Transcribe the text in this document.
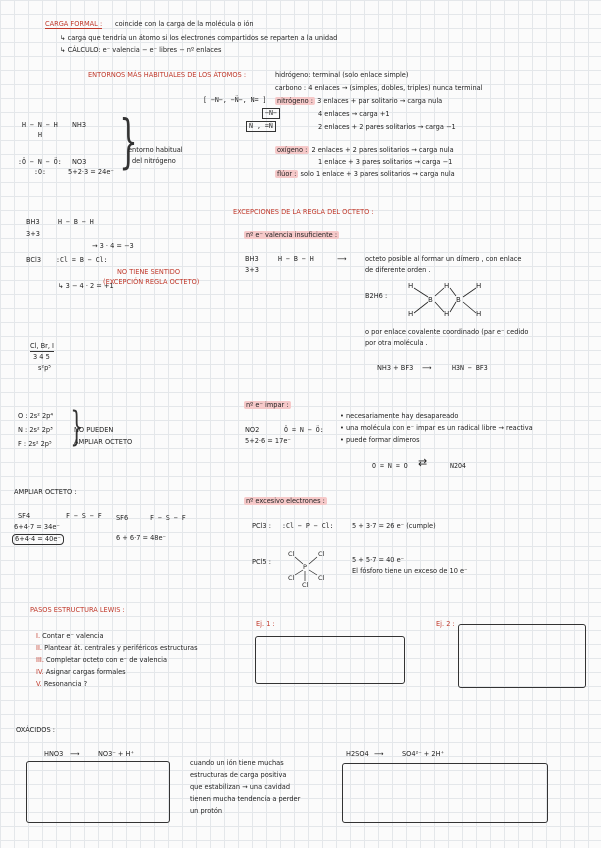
CARGA FORMAL : coincide con la carga de la molécula o ión
↳ carga que tendría un átomo si los electrones compartidos se reparten a la unidad
↳ CÁLCULO: e⁻ valencia − e⁻ libres − nº enlaces
ENTORNOS MÁS HABITUALES DE LOS ÁTOMOS :	hidrógeno: terminal (solo enlace simple)
carbono : 4 enlaces → (simples, dobles, triples) nunca terminal
[ −N−, −N̈−, N= ]	nitrógeno : 3 enlaces + par solitario → carga nula
−N−	4 enlaces → carga +1
N̈ , =N̈	2 enlaces + 2 pares solitarios → carga −1
H − N − H
H
NH3
:Ö − N − Ö:
:O:
NO3
5+2·3 = 24e⁻ }
entorno habitual
del nitrógeno
oxígeno : 2 enlaces + 2 pares solitarios → carga nula
1 enlace + 3 pares solitarios → carga −1
flúor : solo 1 enlace + 3 pares solitarios → carga nula
BH3	H − B − H
3+3
BCl3 :Cl = B − Cl:
→ 3 · 4 = −3
↳ 3 − 4 · 2 = +1
NO TIENE SENTIDO
(EXCEPCIÓN REGLA OCTETO)
Cl, Br, I
3 4 5
s²p⁵
O : 2s² 2p⁴
N : 2s² 2p³
F : 2s² 2p⁵ }
NO PUEDEN
AMPLIAR OCTETO
AMPLIAR OCTETO :
SF4	F − S − F
6+4·7 = 34e⁻
6+4·4 = 40e⁻
SF6	F − S − F
6 + 6·7 = 48e⁻
EXCEPCIONES DE LA REGLA DEL OCTETO :
nº e⁻ valencia insuficiente :
BH3
3+3
H − B − H	⟶	octeto posible al formar un dímero , con enlace
de diferente orden .
B2H6 :
H
H
B	B
H
H
H
H
o por enlace covalente coordinado (par e⁻ cedido
por otra molécula .
NH3 + BF3 ⟶	H3N − BF3
nº e⁻ impar :
NO2
5+2·6 = 17e⁻
Ö = N − Ö:
• necesariamente hay desapareado
• una molécula con e⁻ impar es un radical libre → reactiva
• puede formar dímeros
O = N = O ⇄	N2O4
nº excesivo electrones :
PCl3 : :Cl − P − Cl:	5 + 3·7 = 26 e⁻ (cumple)
PCl5 :
Cl	Cl
P
Cl	Cl
Cl
5 + 5·7 = 40 e⁻
El fósforo tiene un exceso de 10 e⁻
PASOS ESTRUCTURA LEWIS :
I. Contar e⁻ valencia
II. Plantear át. centrales y periféricos estructuras
III. Completar octeto con e⁻ de valencia
IV. Asignar cargas formales
V. Resonancia ?
Ej. 1 :	Ej. 2 :
OXÁCIDOS :
HNO3 ⟶	NO3⁻ + H⁺
cuando un ión tiene muchas
estructuras de carga positiva
que estabilizan → una cavidad
tienen mucha tendencia a perder
un protón
H2SO4 ⟶	SO4²⁻ + 2H⁺
